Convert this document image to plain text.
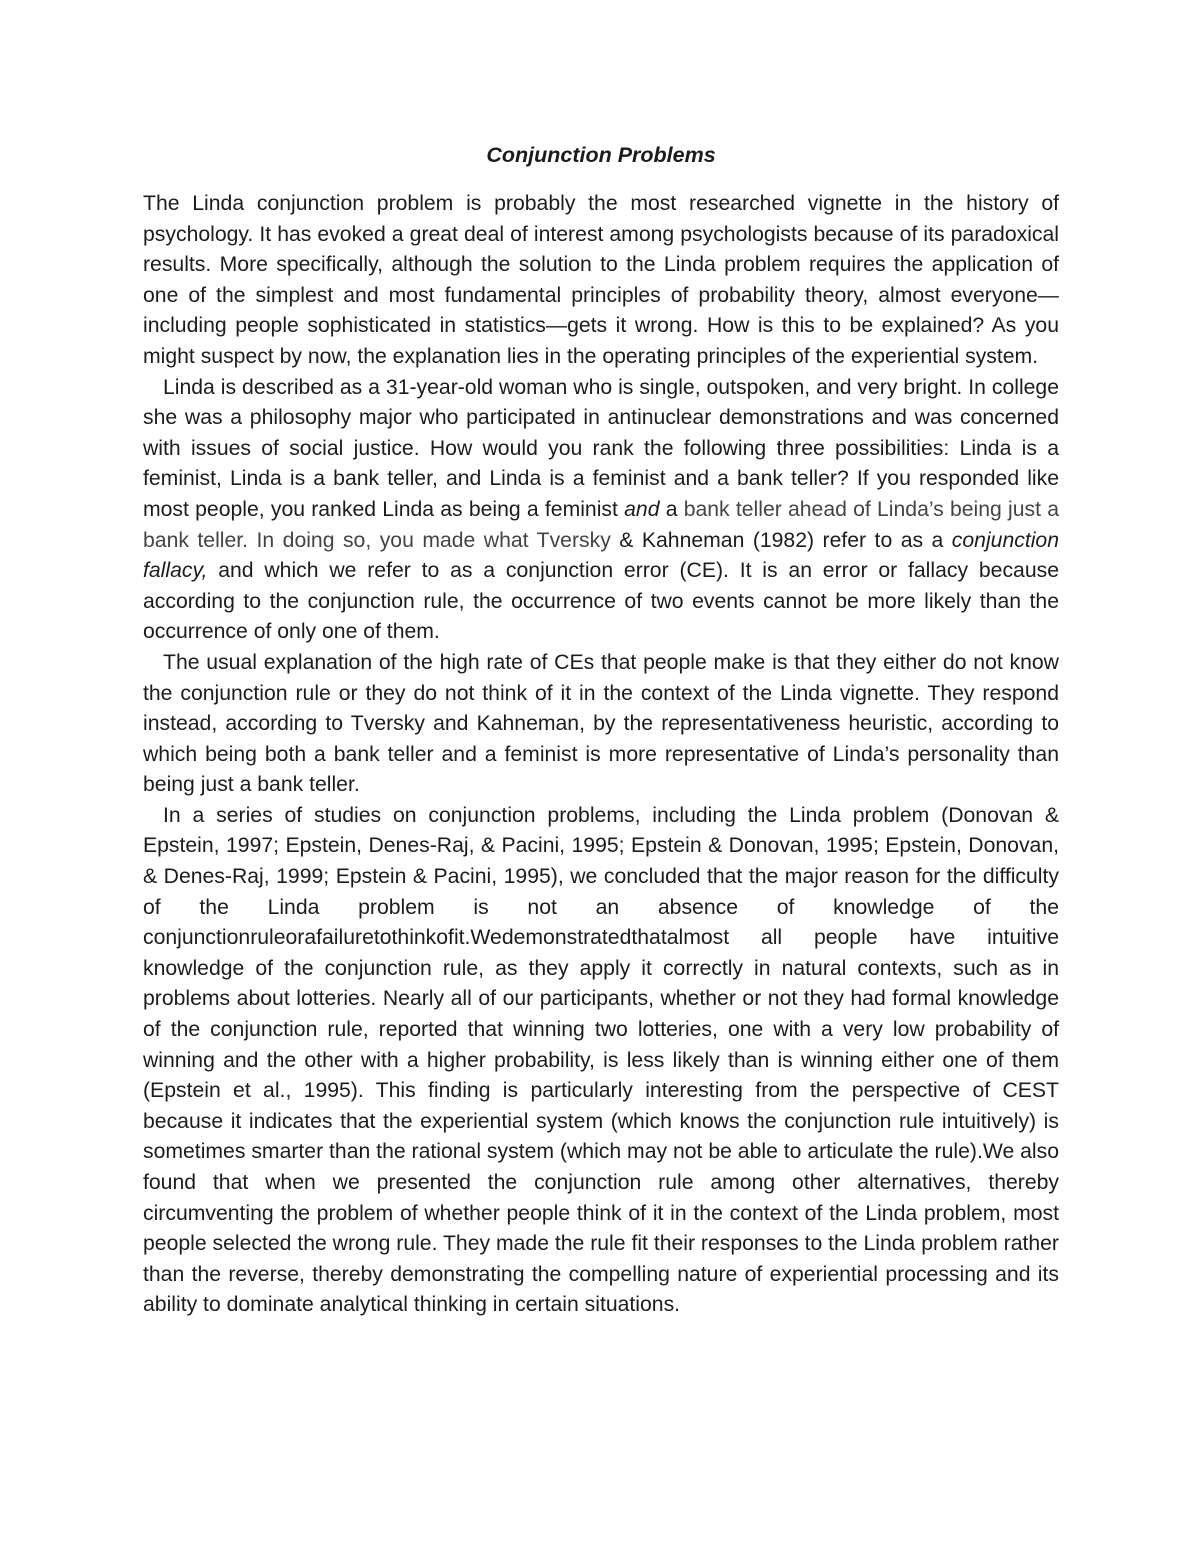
Conjunction Problems

The Linda conjunction problem is probably the most researched vignette in the history of psychology. It has evoked a great deal of interest among psychologists because of its paradoxical results. More specifically, although the solution to the Linda problem requires the application of one of the simplest and most fundamental principles of probability theory, almost everyone—including people sophisticated in statistics—gets it wrong. How is this to be explained? As you might suspect by now, the explanation lies in the operating principles of the experiential system.

Linda is described as a 31-year-old woman who is single, outspoken, and very bright. In college she was a philosophy major who participated in antinuclear demonstrations and was concerned with issues of social justice. How would you rank the following three possibilities: Linda is a feminist, Linda is a bank teller, and Linda is a feminist and a bank teller? If you responded like most people, you ranked Linda as being a feminist and a bank teller ahead of Linda’s being just a bank teller. In doing so, you made what Tversky & Kahneman (1982) refer to as a conjunction fallacy, and which we refer to as a conjunction error (CE). It is an error or fallacy because according to the conjunction rule, the occurrence of two events cannot be more likely than the occurrence of only one of them.

The usual explanation of the high rate of CEs that people make is that they either do not know the conjunction rule or they do not think of it in the context of the Linda vignette. They respond instead, according to Tversky and Kahneman, by the representativeness heuristic, according to which being both a bank teller and a feminist is more representative of Linda’s personality than being just a bank teller.

In a series of studies on conjunction problems, including the Linda problem (Donovan & Epstein, 1997; Epstein, Denes-Raj, & Pacini, 1995; Epstein & Donovan, 1995; Epstein, Donovan, & Denes-Raj, 1999; Epstein & Pacini, 1995), we concluded that the major reason for the difficulty of the Linda problem is not an absence of knowledge of the conjunctionruleorafailuretothinkofit.Wedemonstratedthatalmost all people have intuitive knowledge of the conjunction rule, as they apply it correctly in natural contexts, such as in problems about lotteries. Nearly all of our participants, whether or not they had formal knowledge of the conjunction rule, reported that winning two lotteries, one with a very low probability of winning and the other with a higher probability, is less likely than is winning either one of them (Epstein et al., 1995). This finding is particularly interesting from the perspective of CEST because it indicates that the experiential system (which knows the conjunction rule intuitively) is sometimes smarter than the rational system (which may not be able to articulate the rule).We also found that when we presented the conjunction rule among other alternatives, thereby circumventing the problem of whether people think of it in the context of the Linda problem, most people selected the wrong rule. They made the rule fit their responses to the Linda problem rather than the reverse, thereby demonstrating the compelling nature of experiential processing and its ability to dominate analytical thinking in certain situations.
